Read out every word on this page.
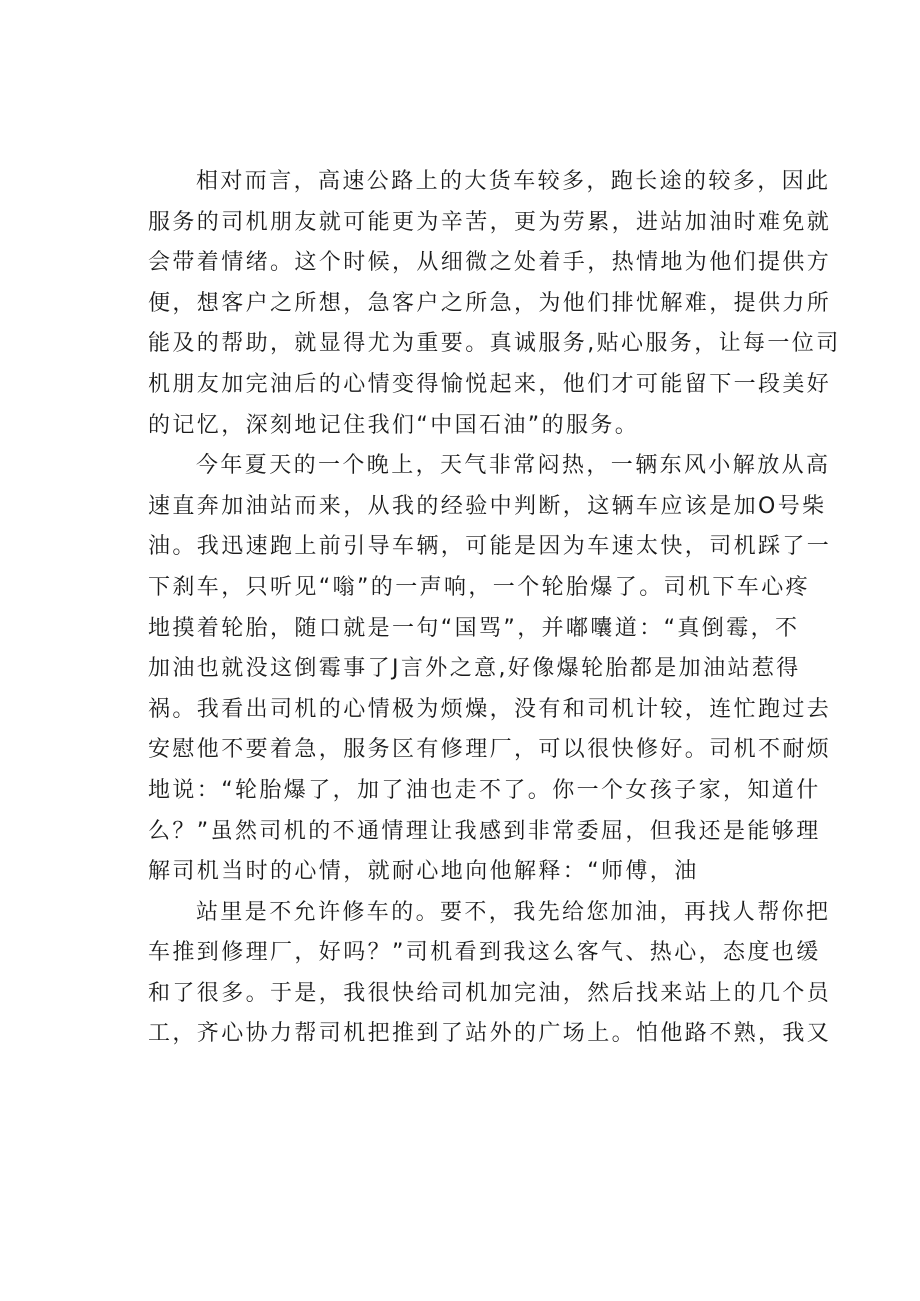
相对而言，高速公路上的大货车较多，跑长途的较多，因此
服务的司机朋友就可能更为辛苦，更为劳累，进站加油时难免就
会带着情绪。这个时候，从细微之处着手，热情地为他们提供方
便，想客户之所想，急客户之所急，为他们排忧解难，提供力所
能及的帮助，就显得尤为重要。真诚服务,贴心服务，让每一位司
机朋友加完油后的心情变得愉悦起来，他们才可能留下一段美好
的记忆，深刻地记住我们“中国石油”的服务。
今年夏天的一个晚上，天气非常闷热，一辆东风小解放从高
速直奔加油站而来，从我的经验中判断，这辆车应该是加O号柴
油。我迅速跑上前引导车辆，可能是因为车速太快，司机踩了一
下刹车，只听见“嗡”的一声响，一个轮胎爆了。司机下车心疼
地摸着轮胎，随口就是一句“国骂”，并嘟囔道：“真倒霉，不
加油也就没这倒霉事了J言外之意,好像爆轮胎都是加油站惹得
祸。我看出司机的心情极为烦燥，没有和司机计较，连忙跑过去
安慰他不要着急，服务区有修理厂，可以很快修好。司机不耐烦
地说：“轮胎爆了，加了油也走不了。你一个女孩子家，知道什
么？”虽然司机的不通情理让我感到非常委屈，但我还是能够理
解司机当时的心情，就耐心地向他解释：“师傅，油
站里是不允许修车的。要不，我先给您加油，再找人帮你把
车推到修理厂，好吗？”司机看到我这么客气、热心，态度也缓
和了很多。于是，我很快给司机加完油，然后找来站上的几个员
工，齐心协力帮司机把推到了站外的广场上。怕他路不熟，我又
